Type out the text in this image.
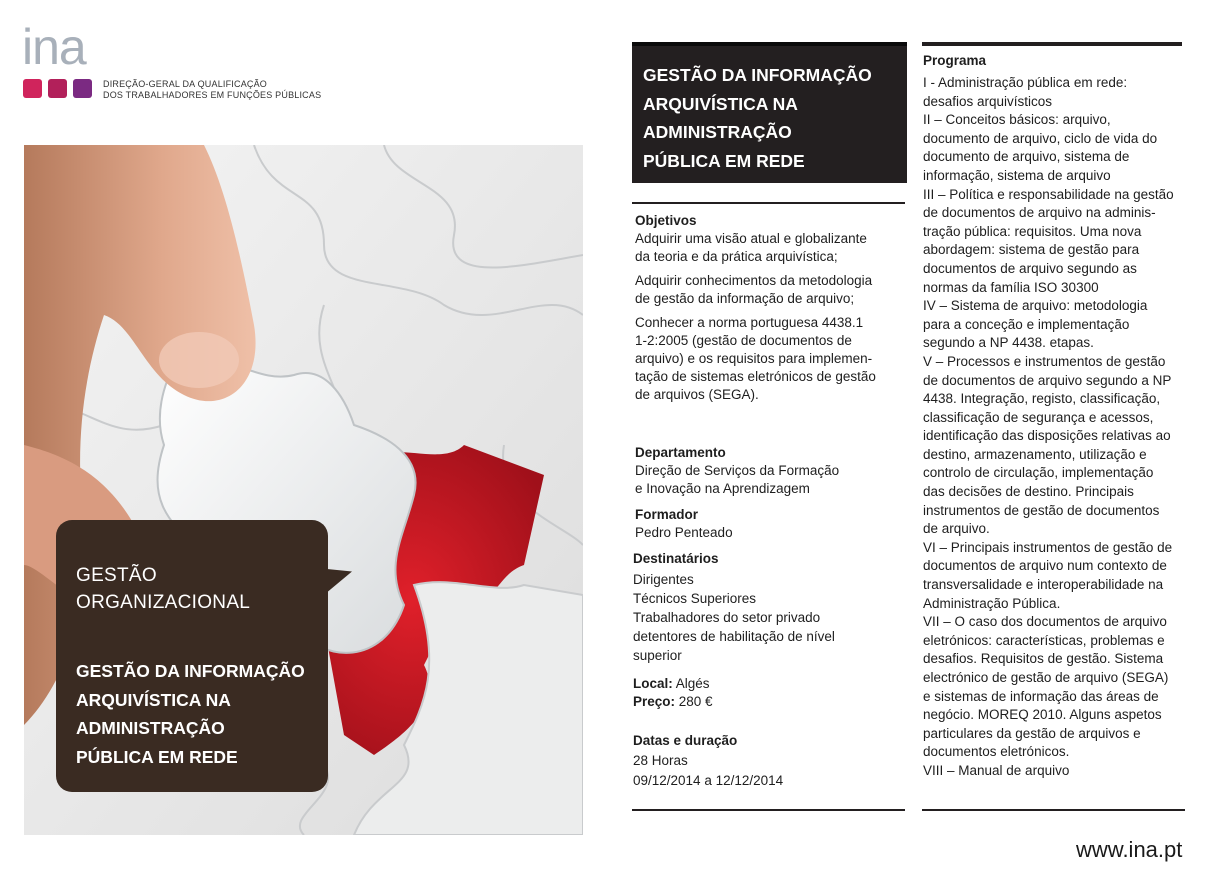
ina
DIREÇÃO-GERAL DA QUALIFICAÇÃO
DOS TRABALHADORES EM FUNÇÕES PÚBLICAS
GESTÃO
ORGANIZACIONAL
GESTÃO DA INFORMAÇÃO
ARQUIVÍSTICA NA
ADMINISTRAÇÃO
PÚBLICA EM REDE
GESTÃO DA INFORMAÇÃO
ARQUIVÍSTICA NA
ADMINISTRAÇÃO
PÚBLICA EM REDE
Objetivos
Adquirir uma visão atual e globalizante
da teoria e da prática arquivística;
Adquirir conhecimentos da metodologia
de gestão da informação de arquivo;
Conhecer a norma portuguesa 4438.1
1-2:2005 (gestão de documentos de
arquivo) e os requisitos para implemen-
tação de sistemas eletrónicos de gestão
de arquivos (SEGA).
Departamento
Direção de Serviços da Formação
e Inovação na Aprendizagem
Formador
Pedro Penteado
Destinatários
Dirigentes
Técnicos Superiores
Trabalhadores do setor privado
detentores de habilitação de nível
superior
Local: Algés
Preço: 280 €
Datas e duração
28 Horas
09/12/2014 a 12/12/2014
Programa
I - Administração pública em rede:
desafios arquivísticos
II – Conceitos básicos: arquivo,
documento de arquivo, ciclo de vida do
documento de arquivo, sistema de
informação, sistema de arquivo
III – Política e responsabilidade na gestão
de documentos de arquivo na adminis-
tração pública: requisitos. Uma nova
abordagem: sistema de gestão para
documentos de arquivo segundo as
normas da família ISO 30300
IV – Sistema de arquivo: metodologia
para a conceção e implementação
segundo a NP 4438. etapas.
V – Processos e instrumentos de gestão
de documentos de arquivo segundo a NP
4438. Integração, registo, classificação,
classificação de segurança e acessos,
identificação das disposições relativas ao
destino, armazenamento, utilização e
controlo de circulação, implementação
das decisões de destino. Principais
instrumentos de gestão de documentos
de arquivo.
VI – Principais instrumentos de gestão de
documentos de arquivo num contexto de
transversalidade e interoperabilidade na
Administração Pública.
VII – O caso dos documentos de arquivo
eletrónicos: características, problemas e
desafios. Requisitos de gestão. Sistema
electrónico de gestão de arquivo (SEGA)
e sistemas de informação das áreas de
negócio. MOREQ 2010. Alguns aspetos
particulares da gestão de arquivos e
documentos eletrónicos.
VIII – Manual de arquivo
www.ina.pt
